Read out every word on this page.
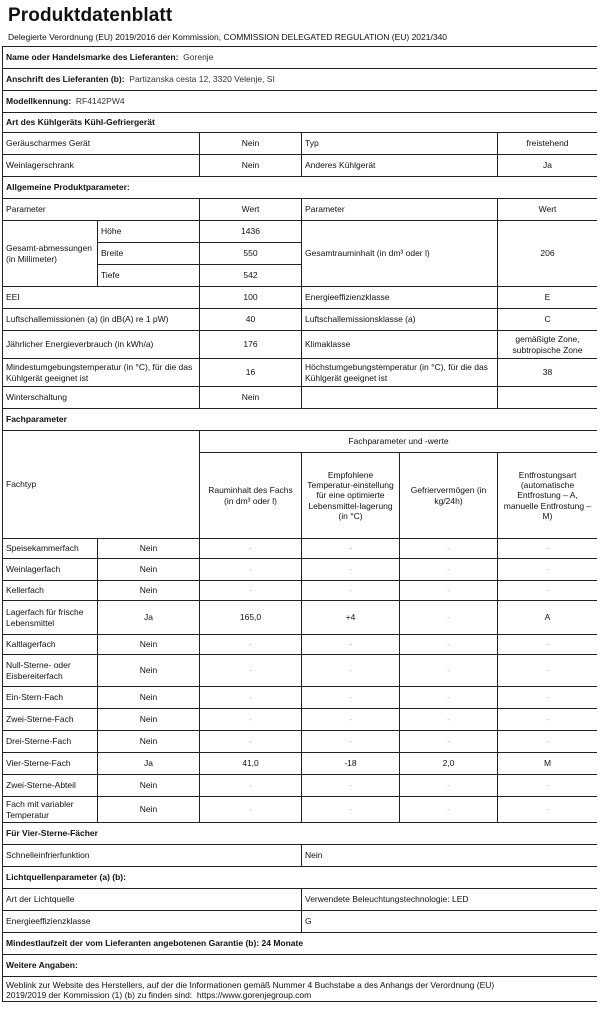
Produktdatenblatt
Delegierte Verordnung (EU) 2019/2016 der Kommission, COMMISSION DELEGATED REGULATION (EU) 2021/340
Name oder Handelsmarke des Lieferanten: Gorenje					
Anschrift des Lieferanten (b): Partizanska cesta 12, 3320 Velenje, SI					
Modellkennung: RF4142PW4					
Art des Kühlgeräts Kühl-Gefriergerät					
Geräuscharmes Gerät		Nein	Typ		freistehend
Weinlagerschrank		Nein	Anderes Kühlgerät		Ja
Allgemeine Produktparameter:					
Parameter		Wert	Parameter		Wert
Gesamt-abmessungen (in Millimeter)	Höhe	1436	Gesamtrauminhalt (in dm³ oder l)		206
	Breite	550			
	Tiefe	542			
EEI		100	Energieeffizienzklasse		E
Luftschallemissionen (a) (in dB(A) re 1 pW)		40	Luftschallemissionsklasse (a)		C
Jährlicher Energieverbrauch (in kWh/a)		176	Klimaklasse		gemäßigte Zone, subtropische Zone
Mindestumgebungstemperatur (in °C), für die das Kühlgerät geeignet ist		16	Höchstumgebungstemperatur (in °C), für die das Kühlgerät geeignet ist		38
Winterschaltung		Nein			
Fachparameter					
Fachtyp		Fachparameter und -werte			
		Rauminhalt des Fachs (in dm³ oder l)	Empfohlene Temperatur-einstellung für eine optimierte Lebensmittel-lagerung (in °C)	Gefriervermögen (in kg/24h)	Entfrostungsart (automatische Entfrostung – A, manuelle Entfrostung – M)
Speisekammerfach	Nein	-	-	-	-
Weinlagerfach	Nein	-	-	-	-
Kellerfach	Nein	-	-	-	-
Lagerfach für frische Lebensmittel	Ja	165,0	+4	-	A
Kaltlagerfach	Nein	-	-	-	-
Null-Sterne- oder Eisbereiterfach	Nein	-	-	-	-
Ein-Stern-Fach	Nein	-	-	-	-
Zwei-Sterne-Fach	Nein	-	-	-	-
Drei-Sterne-Fach	Nein	-	-	-	-
Vier-Sterne-Fach	Ja	41,0	-18	2,0	M
Zwei-Sterne-Abteil	Nein	-	-	-	-
Fach mit variabler Temperatur	Nein	-	-	-	-
Für Vier-Sterne-Fächer					
Schnelleinfrierfunktion			Nein		
Lichtquellenparameter (a) (b):					
Art der Lichtquelle			Verwendete Beleuchtungstechnologie: LED		
Energieeffizienzklasse			G		
Mindestlaufzeit der vom Lieferanten angebotenen Garantie (b): 24 Monate					
Weitere Angaben:					

Weblink zur Website des Herstellers, auf der die Informationen gemäß Nummer 4 Buchstabe a des Anhangs der Verordnung (EU)
2019/2019 der Kommission (1) (b) zu finden sind: https://www.gorenjegroup.com					
